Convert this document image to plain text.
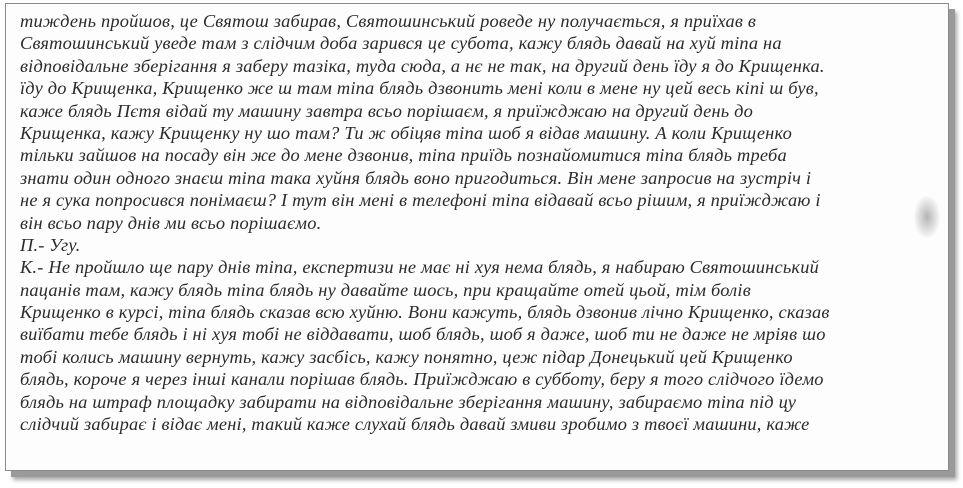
тиждень пройшов, це Святош забирав, Святошинський роведе ну получається, я приїхав в
Святошинський уведе там з слідчим доба зарився це субота, кажу блядь давай на хуй тіпа на
відповідальне зберігання я заберу тазіка, туда сюда, а нє не так, на другий день їду я до Крищенка.
їду до Крищенка, Крищенко же ш там тіпа блядь дзвонить мені коли в мене ну цей весь кіпі ш був,
каже блядь Пєтя відай ту машину завтра всьо порішаєм, я приїжджаю на другий день до
Крищенка, кажу Крищенку ну шо там? Ти ж обіцяв тіпа шоб я відав машину. А коли Крищенко
тільки зайшов на посаду він же до мене дзвонив, тіпа приїдь познайомитися тіпа блядь треба
знати один одного знаєш тіпа така хуйня блядь воно пригодиться. Він мене запросив на зустріч і
не я сука попросився понімаєш? І тут він мені в телефоні тіпа відавай всьо рішим, я приїжджаю і
він всьо пару днів ми всьо порішаємо.
П.- Угу.
К.- Не пройшло ще пару днів тіпа, експертизи не має ні хуя нема блядь, я набираю Святошинський
пацанів там, кажу блядь тіпа блядь ну давайте шось, при кращайте отей цьой, тім болів
Крищенко в курсі, тіпа блядь сказав всю хуйню. Вони кажуть, блядь дзвонив лічно Крищенко, сказав
виїбати тебе блядь і ні хуя тобі не віддавати, шоб блядь, шоб я даже, шоб ти не даже не мріяв шо
тобі колись машину вернуть, кажу засбісь, кажу понятно, цеж підар Донецький цей Крищенко
блядь, короче я через інші канали порішав блядь. Приїжджаю в субботу, беру я того слідчого їдемо
блядь на штраф площадку забирати на відповідальне зберігання машину, забираємо тіпа під цу
слідчий забирає і відає мені, такий каже слухай блядь давай змиви зробимо з твоєї машини, каже
